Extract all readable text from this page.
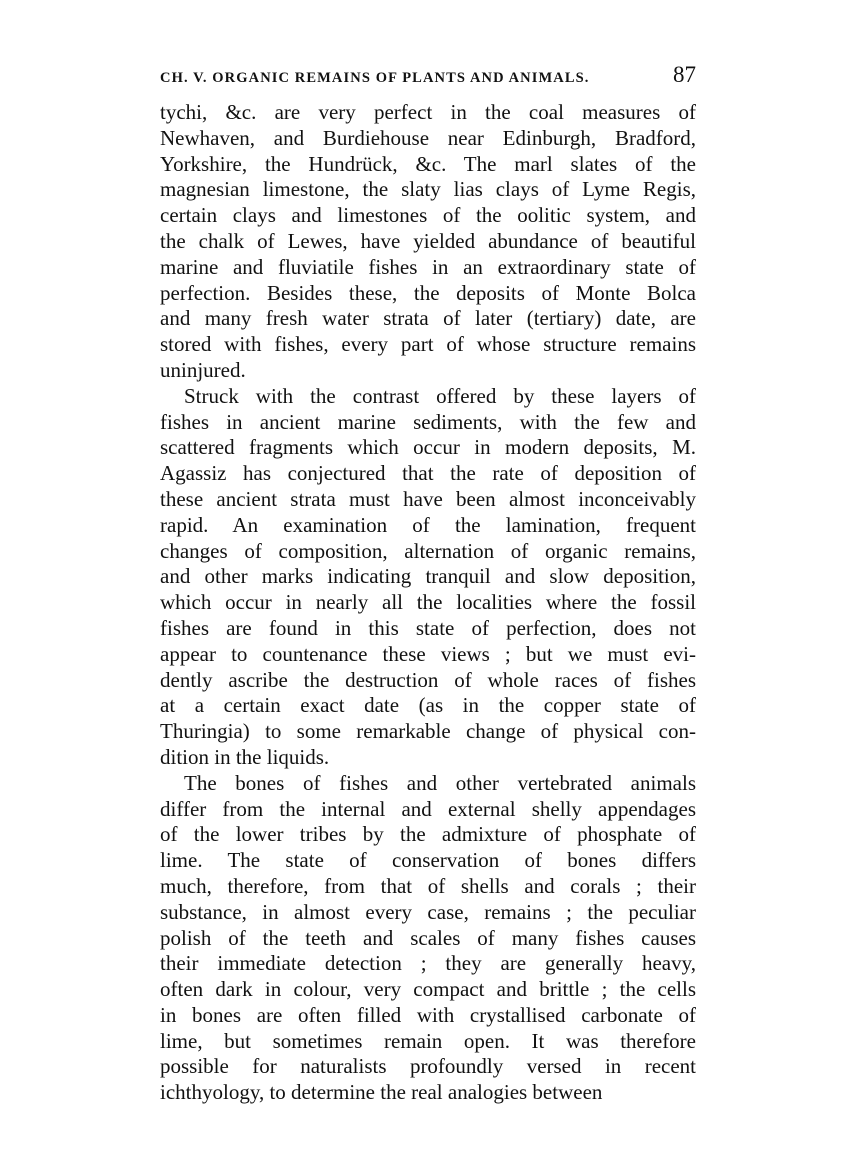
CH. V. ORGANIC REMAINS OF PLANTS AND ANIMALS.	87
tychi, &c. are very perfect in the coal measures of
Newhaven, and Burdiehouse near Edinburgh, Bradford,
Yorkshire, the Hundrück, &c. The marl slates of the
magnesian limestone, the slaty lias clays of Lyme Regis,
certain clays and limestones of the oolitic system, and
the chalk of Lewes, have yielded abundance of beautiful
marine and fluviatile fishes in an extraordinary state of
perfection. Besides these, the deposits of Monte Bolca
and many fresh water strata of later (tertiary) date, are
stored with fishes, every part of whose structure remains
uninjured.
Struck with the contrast offered by these layers of
fishes in ancient marine sediments, with the few and
scattered fragments which occur in modern deposits, M.
Agassiz has conjectured that the rate of deposition of
these ancient strata must have been almost inconceivably
rapid. An examination of the lamination, frequent
changes of composition, alternation of organic remains,
and other marks indicating tranquil and slow deposition,
which occur in nearly all the localities where the fossil
fishes are found in this state of perfection, does not
appear to countenance these views ; but we must evi-
dently ascribe the destruction of whole races of fishes
at a certain exact date (as in the copper state of
Thuringia) to some remarkable change of physical con-
dition in the liquids.
The bones of fishes and other vertebrated animals
differ from the internal and external shelly appendages
of the lower tribes by the admixture of phosphate of
lime. The state of conservation of bones differs
much, therefore, from that of shells and corals ; their
substance, in almost every case, remains ; the peculiar
polish of the teeth and scales of many fishes causes
their immediate detection ; they are generally heavy,
often dark in colour, very compact and brittle ; the cells
in bones are often filled with crystallised carbonate of
lime, but sometimes remain open. It was therefore
possible for naturalists profoundly versed in recent
ichthyology, to determine the real analogies between
